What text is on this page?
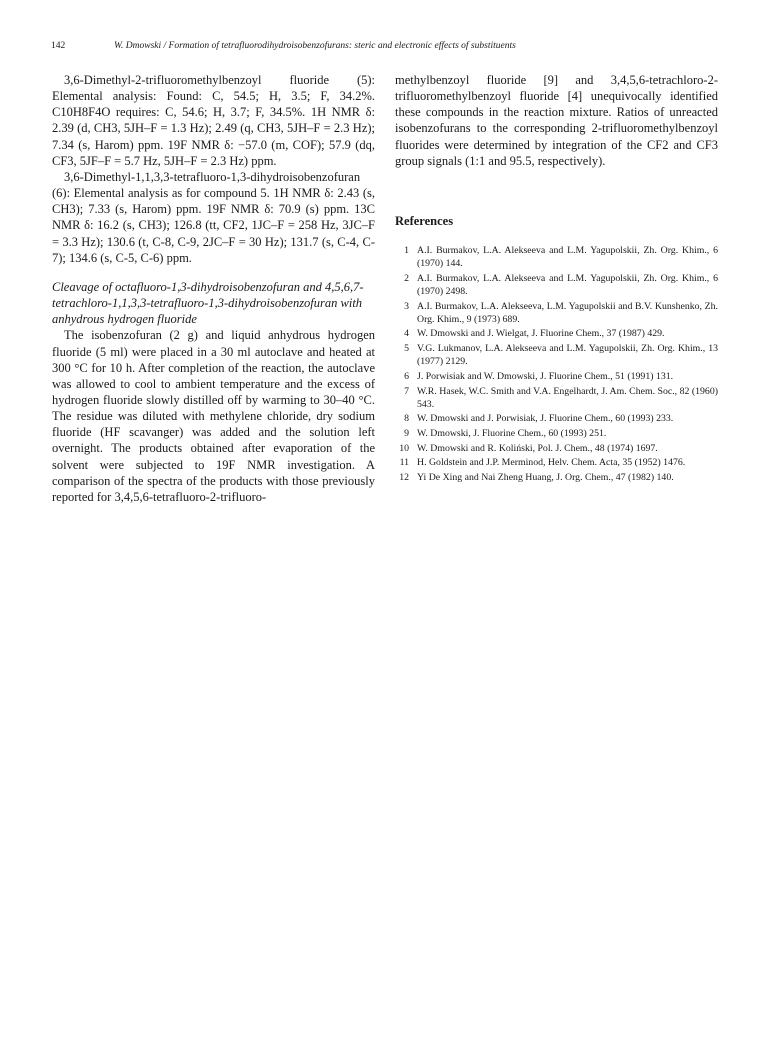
142	W. Dmowski / Formation of tetrafluorodihydroisobenzofurans: steric and electronic effects of substituents

3,6-Dimethyl-2-trifluoromethylbenzoyl fluoride (5): Elemental analysis: Found: C, 54.5; H, 3.5; F, 34.2%. C10H8F4O requires: C, 54.6; H, 3.7; F, 34.5%. 1H NMR δ: 2.39 (d, CH3, 5JH–F = 1.3 Hz); 2.49 (q, CH3, 5JH–F = 2.3 Hz); 7.34 (s, Harom) ppm. 19F NMR δ: −57.0 (m, COF); 57.9 (dq, CF3, 5JF–F = 5.7 Hz, 5JH–F = 2.3 Hz) ppm.

3,6-Dimethyl-1,1,3,3-tetrafluoro-1,3-dihydroisobenzofuran (6): Elemental analysis as for compound 5. 1H NMR δ: 2.43 (s, CH3); 7.33 (s, Harom) ppm. 19F NMR δ: 70.9 (s) ppm. 13C NMR δ: 16.2 (s, CH3); 126.8 (tt, CF2, 1JC–F = 258 Hz, 3JC–F = 3.3 Hz); 130.6 (t, C-8, C-9, 2JC–F = 30 Hz); 131.7 (s, C-4, C-7); 134.6 (s, C-5, C-6) ppm.

Cleavage of octafluoro-1,3-dihydroisobenzofuran and 4,5,6,7-tetrachloro-1,1,3,3-tetrafluoro-1,3-dihydroisobenzofuran with anhydrous hydrogen fluoride

The isobenzofuran (2 g) and liquid anhydrous hydrogen fluoride (5 ml) were placed in a 30 ml autoclave and heated at 300 °C for 10 h. After completion of the reaction, the autoclave was allowed to cool to ambient temperature and the excess of hydrogen fluoride slowly distilled off by warming to 30–40 °C. The residue was diluted with methylene chloride, dry sodium fluoride (HF scavanger) was added and the solution left overnight. The products obtained after evaporation of the solvent were subjected to 19F NMR investigation. A comparison of the spectra of the products with those previously reported for 3,4,5,6-tetrafluoro-2-trifluoro-

methylbenzoyl fluoride [9] and 3,4,5,6-tetrachloro-2-trifluoromethylbenzoyl fluoride [4] unequivocally identified these compounds in the reaction mixture. Ratios of unreacted isobenzofurans to the corresponding 2-trifluoromethylbenzoyl fluorides were determined by integration of the CF2 and CF3 group signals (1:1 and 95.5, respectively).

References
1 A.I. Burmakov, L.A. Alekseeva and L.M. Yagupolskii, Zh. Org. Khim., 6 (1970) 144.
2 A.I. Burmakov, L.A. Alekseeva and L.M. Yagupolskii, Zh. Org. Khim., 6 (1970) 2498.
3 A.I. Burmakov, L.A. Alekseeva, L.M. Yagupolskii and B.V. Kunshenko, Zh. Org. Khim., 9 (1973) 689.
4 W. Dmowski and J. Wielgat, J. Fluorine Chem., 37 (1987) 429.
5 V.G. Lukmanov, L.A. Alekseeva and L.M. Yagupolskii, Zh. Org. Khim., 13 (1977) 2129.
6 J. Porwisiak and W. Dmowski, J. Fluorine Chem., 51 (1991) 131.
7 W.R. Hasek, W.C. Smith and V.A. Engelhardt, J. Am. Chem. Soc., 82 (1960) 543.
8 W. Dmowski and J. Porwisiak, J. Fluorine Chem., 60 (1993) 233.
9 W. Dmowski, J. Fluorine Chem., 60 (1993) 251.
10 W. Dmowski and R. Koliński, Pol. J. Chem., 48 (1974) 1697.
11 H. Goldstein and J.P. Merminod, Helv. Chem. Acta, 35 (1952) 1476.
12 Yi De Xing and Nai Zheng Huang, J. Org. Chem., 47 (1982) 140.
